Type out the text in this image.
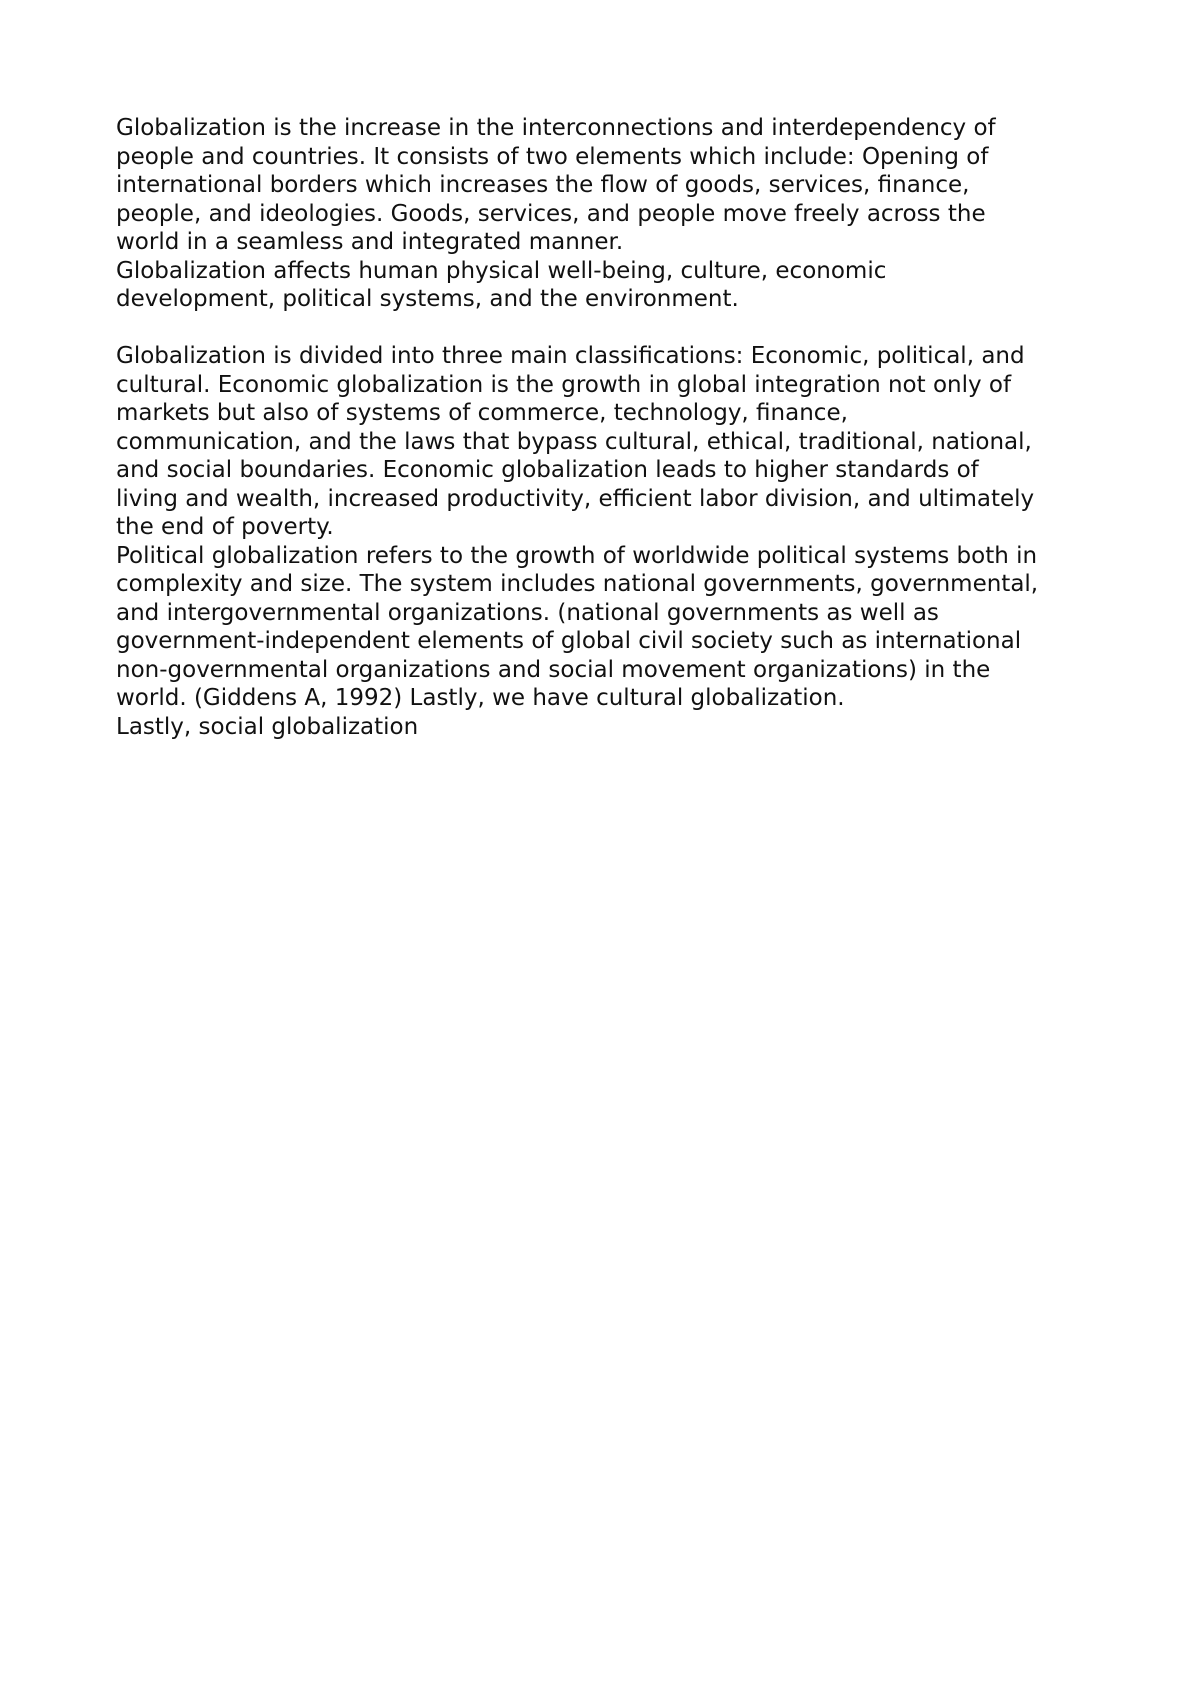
Globalization is the increase in the interconnections and interdependency of
people and countries. It consists of two elements which include: Opening of
international borders which increases the flow of goods, services, finance,
people, and ideologies. Goods, services, and people move freely across the
world in a seamless and integrated manner.
Globalization affects human physical well-being, culture, economic
development, political systems, and the environment.
Globalization is divided into three main classifications: Economic, political, and
cultural. Economic globalization is the growth in global integration not only of
markets but also of systems of commerce, technology, finance,
communication, and the laws that bypass cultural, ethical, traditional, national,
and social boundaries. Economic globalization leads to higher standards of
living and wealth, increased productivity, efficient labor division, and ultimately
the end of poverty.
Political globalization refers to the growth of worldwide political systems both in
complexity and size. The system includes national governments, governmental,
and intergovernmental organizations. (national governments as well as
government-independent elements of global civil society such as international
non-governmental organizations and social movement organizations) in the
world. (Giddens A, 1992) Lastly, we have cultural globalization.
Lastly, social globalization
